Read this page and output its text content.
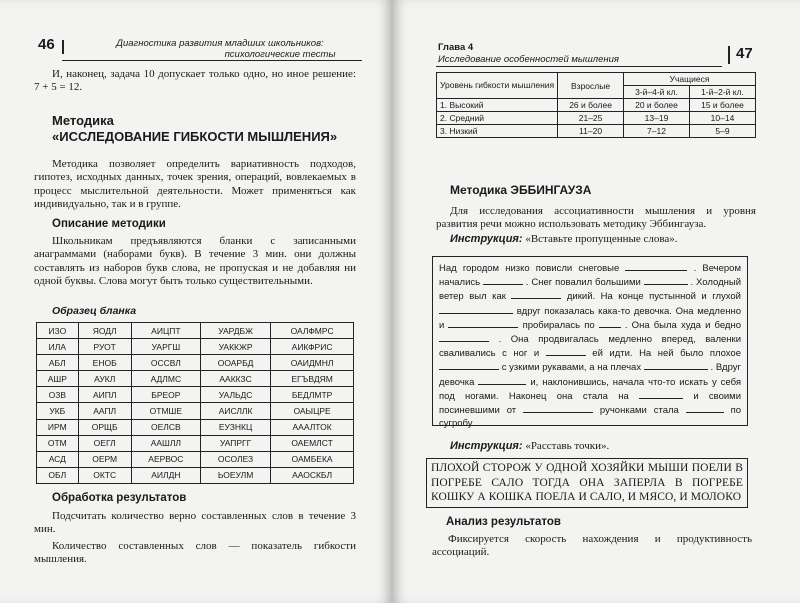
46	Диагностика развития младших школьников:
психологические тесты
И, наконец, задача 10 допускает только одно, но иное решение: 7 + 5 = 12.
Методика
«ИССЛЕДОВАНИЕ ГИБКОСТИ МЫШЛЕНИЯ»
Методика позволяет определить вариативность подходов, гипотез, исходных данных, точек зрения, операций, вовлекаемых в процесс мыслительной деятельности. Может применяться как индивидуально, так и в группе.
Описание методики
Школьникам предъявляются бланки с записанными анаграммами (наборами букв). В течение 3 мин. они должны составлять из наборов букв слова, не пропуская и не добавляя ни одной буквы. Слова могут быть только существительными.
Образец бланка
ИЗО	ЯОДЛ	АИЦПТ	УАРДБЖ	ОАЛФМРС
ИЛА	РУОТ	УАРГШ	УАККЖР	АИКФРИС
АБЛ	ЕНОБ	ОССВЛ	ООАРБД	ОАИДМНЛ
АШР	АУКЛ	АДЛМС	ААККЗС	ЕГЪВДЯМ
ОЗВ	АИПЛ	БРЕОР	УАЛЬДС	БЕДЛМТР
УКБ	ААПЛ	ОТМШЕ	АИСЛЛК	ОАЫЦРЕ
ИРМ	ОРЩБ	ОЕЛСВ	ЕУЗНКЦ	АААЛТОК
ОТМ	ОЕГЛ	ААШЛЛ	УАПРГГ	ОАЕМЛСТ
АСД	ОЕРМ	АЕРВОС	ОСОЛЕЗ	ОАМБЕКА
ОБЛ	ОКТС	АИЛДН	ЬОЕУЛМ	ААОСКБЛ
Обработка результатов
Подсчитать количество верно составленных слов в течение 3 мин.
Количество составленных слов — показатель гибкости мышления.
Глава 4
Исследование особенностей мышления	47
Уровень гибкости мышления	Взрослые	Учащиеся	
		3-й–4-й кл.	1-й–2-й кл.
1. Высокий	26 и более	20 и более	15 и более
2. Средний	21–25	13–19	10–14
3. Низкий	11–20	7–12	5–9
Методика ЭББИНГАУЗА
Для исследования ассоциативности мышления и уровня развития речи можно использовать методику Эббингауза.
Инструкция: «Вставьте пропущенные слова».
Над городом низко повисли снеговые	. Вечером начались	. Снег повалил большими	. Холодный ветер выл как	дикий. На конце пустынной и глухой  вдруг показалась кака-то девочка. Она медленно и	пробиралась по	. Она была худа и бедно  . Она продвигалась медленно вперед, валенки сваливались с ног и	ей идти. На ней было плохое  с узкими рукавами, а на плечах	. Вдруг девочка	и, наклонившись, начала что-то искать у себя под ногами. Наконец она стала на	и своими посиневшими от	ручонками стала	по сугробу.
Инструкция: «Расставь точки».
ПЛОХОЙ СТОРОЖ У ОДНОЙ ХОЗЯЙКИ МЫШИ ПОЕЛИ В ПОГРЕБЕ САЛО ТОГДА ОНА ЗАПЕРЛА В ПОГРЕБЕ КОШКУ А КОШКА ПОЕЛА И САЛО, И МЯСО, И МОЛОКО
Анализ результатов
Фиксируется скорость нахождения и продуктивность ассоциаций.
